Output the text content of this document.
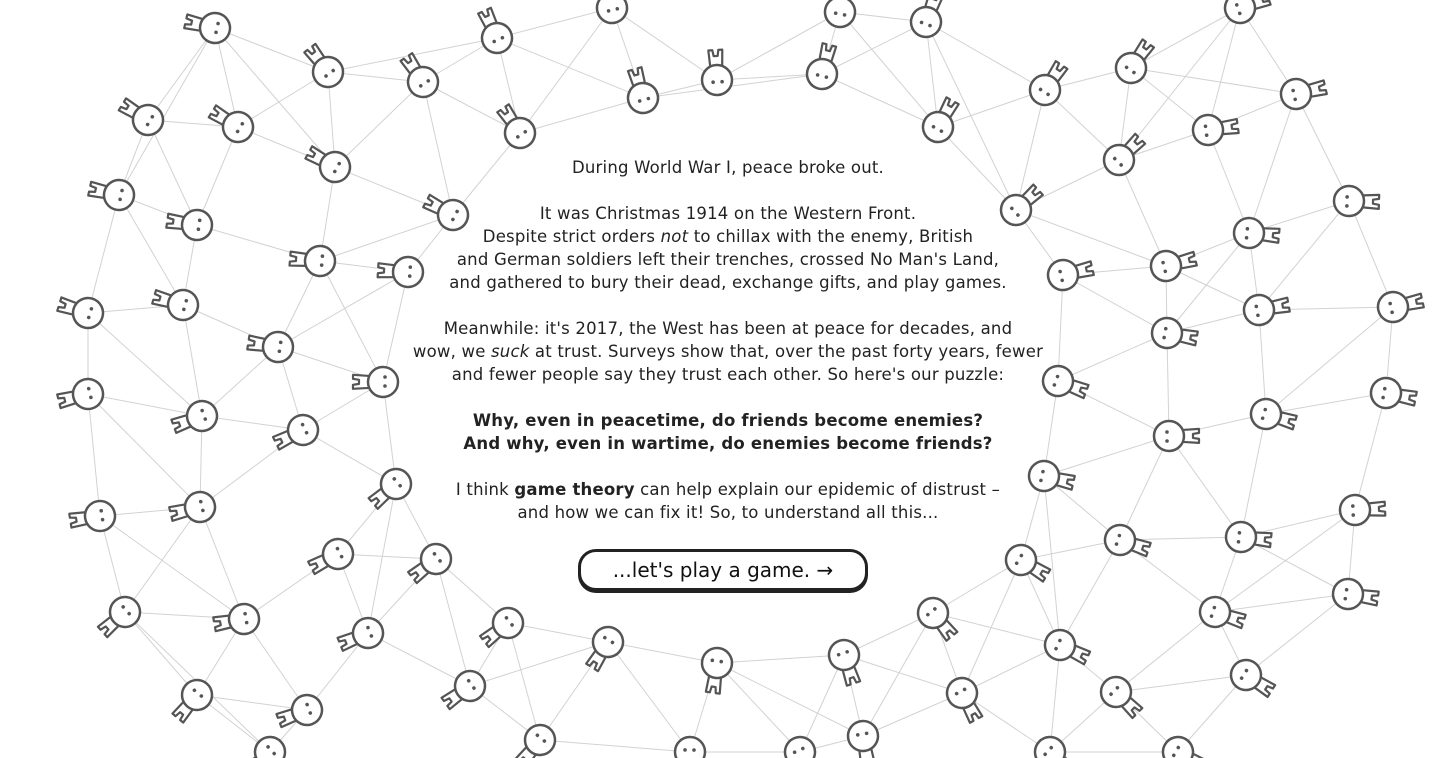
During World War I, peace broke out.

It was Christmas 1914 on the Western Front.
Despite strict orders not to chillax with the enemy, British
and German soldiers left their trenches, crossed No Man's Land,
and gathered to bury their dead, exchange gifts, and play games.

Meanwhile: it's 2017, the West has been at peace for decades, and
wow, we suck at trust. Surveys show that, over the past forty years, fewer
and fewer people say they trust each other. So here's our puzzle:

Why, even in peacetime, do friends become enemies?
And why, even in wartime, do enemies become friends?

I think game theory can help explain our epidemic of distrust –
and how we can fix it! So, to understand all this...

...let's play a game. →
